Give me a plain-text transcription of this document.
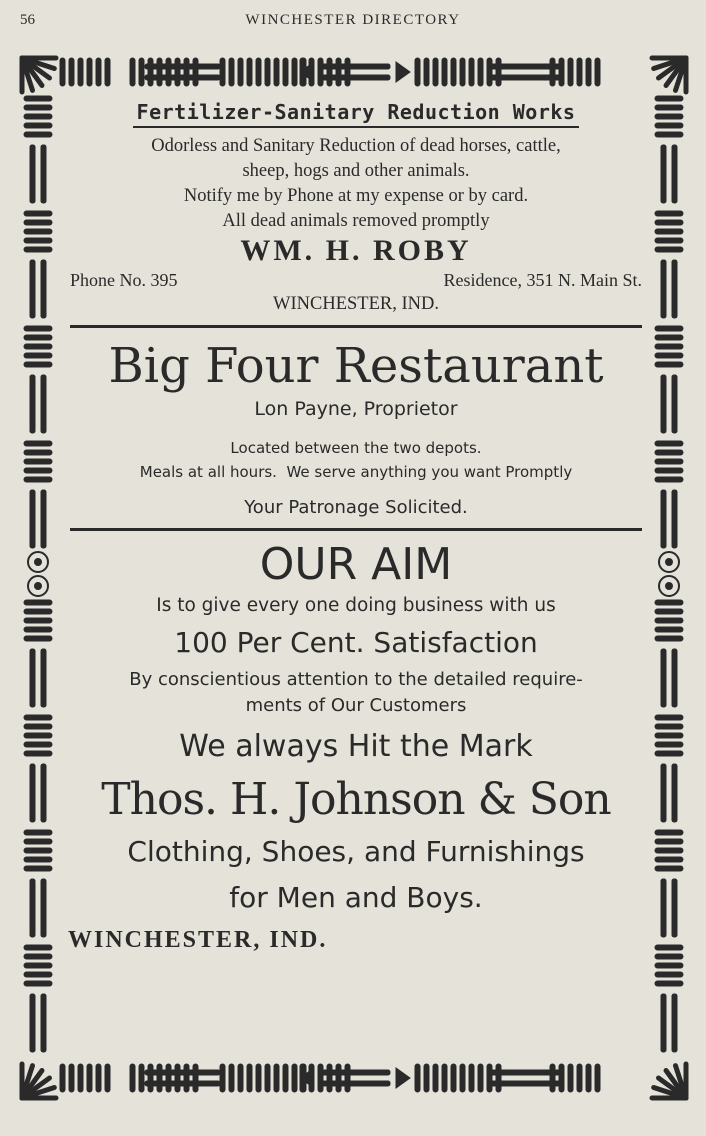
56	WINCHESTER DIRECTORY
Fertilizer-Sanitary Reduction Works

Odorless and Sanitary Reduction of dead horses, cattle,

sheep, hogs and other animals.

Notify me by Phone at my expense or by card.

All dead animals removed promptly

WM. H. ROBY

Phone No. 395	Residence, 351 N. Main St.

WINCHESTER, IND.

Big Four Restaurant

Lon Payne, Proprietor

Located between the two depots.

Meals at all hours.  We serve anything you want Promptly

Your Patronage Solicited.

OUR AIM

Is to give every one doing business with us

100 Per Cent. Satisfaction

By conscientious attention to the detailed require-

ments of Our Customers

We always Hit the Mark

Thos. H. Johnson & Son

Clothing, Shoes, and Furnishings

for Men and Boys.

WINCHESTER, IND.
